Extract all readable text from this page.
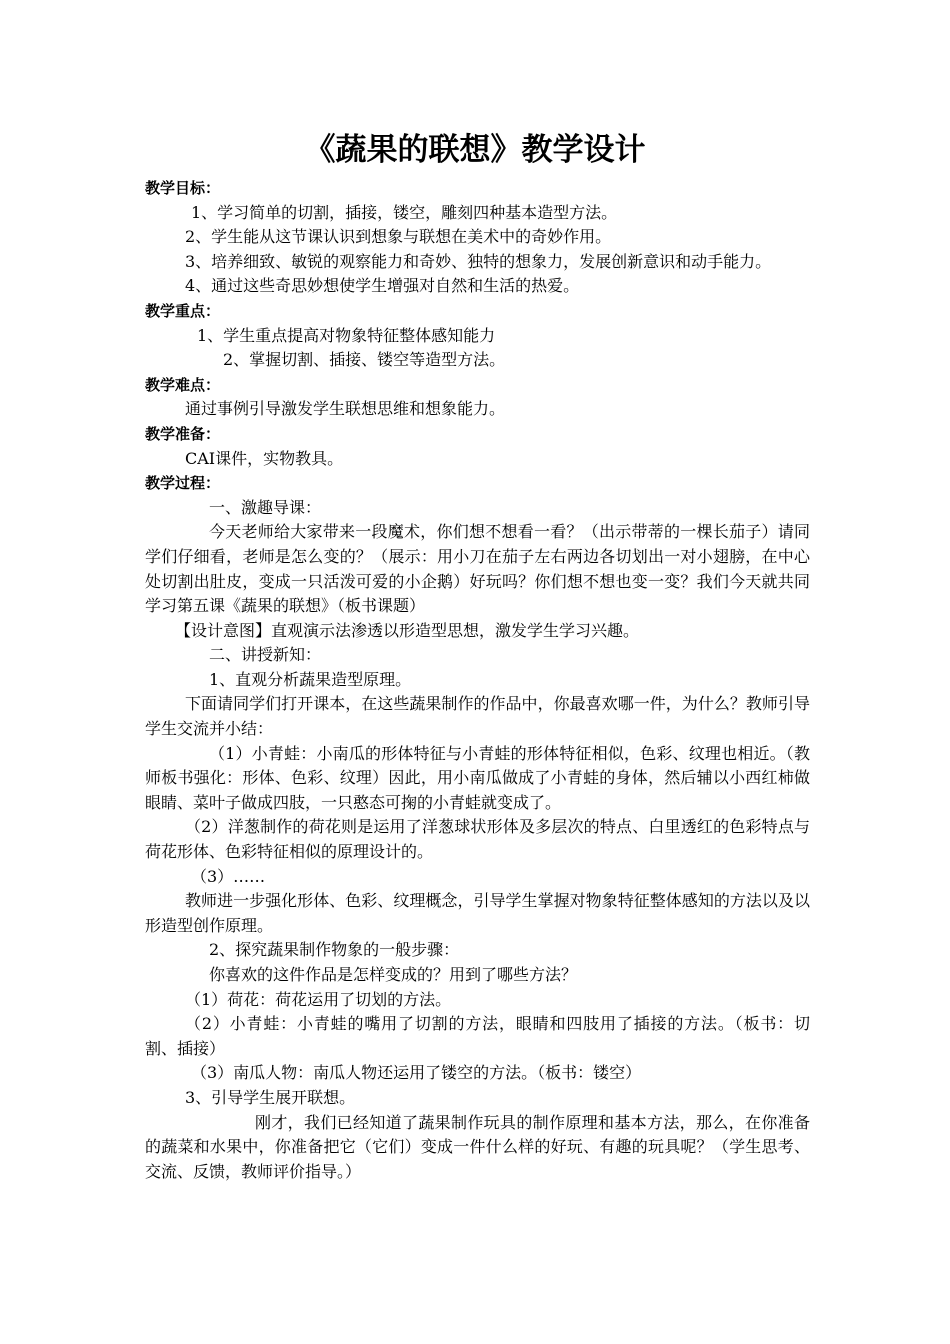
《蔬果的联想》教学设计
教学目标：

1、学习简单的切割，插接，镂空，雕刻四种基本造型方法。

2、学生能从这节课认识到想象与联想在美术中的奇妙作用。

3、培养细致、敏锐的观察能力和奇妙、独特的想象力，发展创新意识和动手能力。

4、通过这些奇思妙想使学生增强对自然和生活的热爱。

教学重点：

1、学生重点提高对物象特征整体感知能力

2、掌握切割、插接、镂空等造型方法。

教学难点：

通过事例引导激发学生联想思维和想象能力。

教学准备：

CAI课件，实物教具。

教学过程：

一、激趣导课：

今天老师给大家带来一段魔术，你们想不想看一看？（出示带蒂的一棵长茄子）请同学们仔细看，老师是怎么变的？（展示：用小刀在茄子左右两边各切划出一对小翅膀，在中心处切割出肚皮，变成一只活泼可爱的小企鹅）好玩吗？你们想不想也变一变？我们今天就共同学习第五课《蔬果的联想》（板书课题）

【设计意图】直观演示法渗透以形造型思想，激发学生学习兴趣。

二、讲授新知：

1、直观分析蔬果造型原理。

下面请同学们打开课本，在这些蔬果制作的作品中，你最喜欢哪一件，为什么？教师引导学生交流并小结：

（1）小青蛙：小南瓜的形体特征与小青蛙的形体特征相似，色彩、纹理也相近。（教师板书强化：形体、色彩、纹理）因此，用小南瓜做成了小青蛙的身体，然后辅以小西红柿做眼睛、菜叶子做成四肢，一只憨态可掬的小青蛙就变成了。

（2）洋葱制作的荷花则是运用了洋葱球状形体及多层次的特点、白里透红的色彩特点与荷花形体、色彩特征相似的原理设计的。

（3）……

教师进一步强化形体、色彩、纹理概念，引导学生掌握对物象特征整体感知的方法以及以形造型创作原理。

2、探究蔬果制作物象的一般步骤：

你喜欢的这件作品是怎样变成的？用到了哪些方法？

（1）荷花：荷花运用了切划的方法。

（2）小青蛙：小青蛙的嘴用了切割的方法，眼睛和四肢用了插接的方法。（板书：切割、插接）

（3）南瓜人物：南瓜人物还运用了镂空的方法。（板书：镂空）

3、引导学生展开联想。

刚才，我们已经知道了蔬果制作玩具的制作原理和基本方法，那么，在你准备的蔬菜和水果中，你准备把它（它们）变成一件什么样的好玩、有趣的玩具呢？（学生思考、交流、反馈，教师评价指导。）
